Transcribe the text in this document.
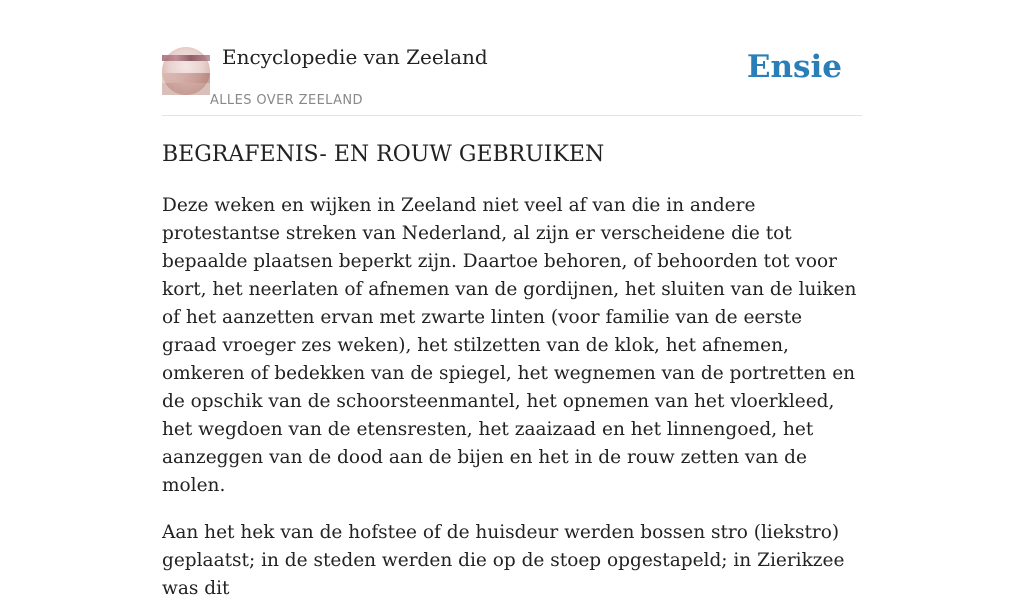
Encyclopedie van Zeeland
ALLES OVER ZEELAND
Ensie
BEGRAFENIS- EN ROUW GEBRUIKEN

Deze weken en wijken in Zeeland niet veel af van die in andere protestantse streken van Nederland, al zijn er verscheidene die tot bepaalde plaatsen beperkt zijn. Daartoe behoren, of behoorden tot voor kort, het neerlaten of afnemen van de gordijnen, het sluiten van de luiken of het aanzetten ervan met zwarte linten (voor familie van de eerste graad vroeger zes weken), het stilzetten van de klok, het afnemen, omkeren of bedekken van de spiegel, het wegnemen van de portretten en de opschik van de schoorsteenmantel, het opnemen van het vloerkleed, het wegdoen van de etensresten, het zaaizaad en het linnengoed, het aanzeggen van de dood aan de bijen en het in de rouw zetten van de molen.

Aan het hek van de hofstee of de huisdeur werden bossen stro (liekstro) geplaatst; in de steden werden die op de stoep opgestapeld; in Zierikzee was dit
